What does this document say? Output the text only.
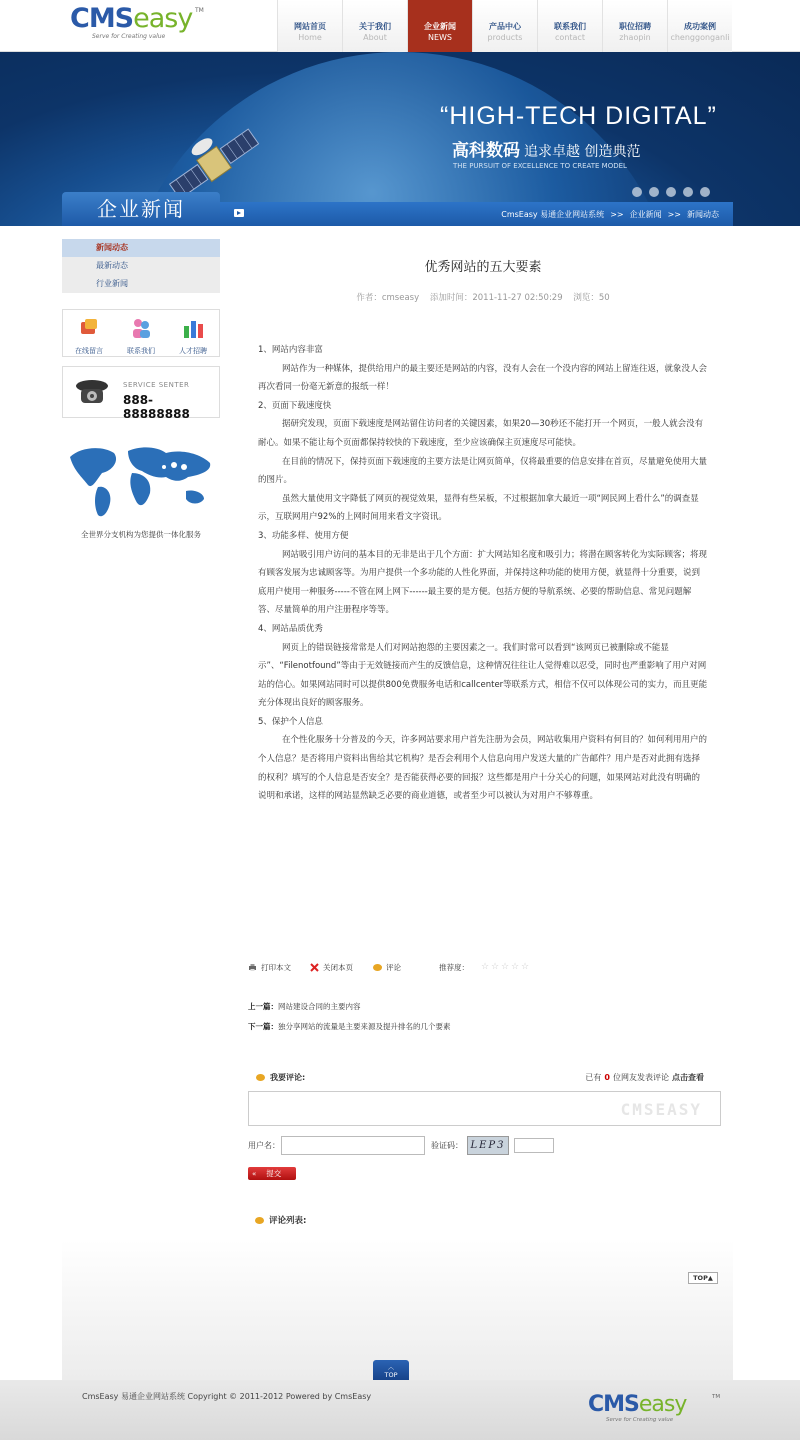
CMSeasy TM
Serve for Creating value
网站首页
Home
关于我们
About
企业新闻
NEWS
产品中心
products
联系我们
contact
职位招聘
zhaopin
成功案例
chenggonganli
“HIGH-TECH DIGITAL”
高科数码 追求卓越 创造典范
THE PURSUIT OF EXCELLENCE TO CREATE MODEL
企业新闻	CmsEasy 易通企业网站系统 >> 企业新闻 >> 新闻动态
新闻动态
最新动态
行业新闻
在线留言	联系我们	人才招聘
SERVICE SENTER
888-88888888
全世界分支机构为您提供一体化服务
优秀网站的五大要素
作者：cmseasy 添加时间：2011-11-27 02:50:29 浏览：50

1、网站内容非富

网站作为一种媒体，提供给用户的最主要还是网站的内容，没有人会在一个没内容的网站上留连往返，就象没人会再次看同一份毫无新意的报纸一样！

2、页面下载速度快

据研究发现，页面下载速度是网站留住访问者的关键因素，如果20—30秒还不能打开一个网页，一般人就会没有耐心。如果不能让每个页面都保持较快的下载速度，至少应该确保主页速度尽可能快。

在目前的情况下，保持页面下载速度的主要方法是让网页简单，仅将最重要的信息安排在首页，尽量避免使用大量的图片。

虽然大量使用文字降低了网页的视觉效果，显得有些呆板，不过根据加拿大最近一项“网民网上看什么”的调查显示，互联网用户92%的上网时间用来看文字资讯。

3、功能多样、使用方便

网站吸引用户访问的基本目的无非是出于几个方面：扩大网站知名度和吸引力；将潜在顾客转化为实际顾客；将现有顾客发展为忠诚顾客等。为用户提供一个多功能的人性化界面，并保持这种功能的使用方便，就显得十分重要，说到底用户使用一种服务-----不管在网上网下------最主要的是方便。包括方便的导航系统、必要的帮助信息、常见问题解答、尽量简单的用户注册程序等等。

4、网站品质优秀

网页上的错误链接常常是人们对网站抱怨的主要因素之一。我们时常可以看到“该网页已被删除或不能显示”、“Filenotfound”等由于无效链接而产生的反馈信息，这种情况往往让人觉得难以忍受，同时也严重影响了用户对网站的信心。如果网站同时可以提供800免费服务电话和callcenter等联系方式，相信不仅可以体现公司的实力，而且更能充分体现出良好的顾客服务。

5、保护个人信息

在个性化服务十分普及的今天，许多网站要求用户首先注册为会员，网站收集用户资料有何目的？如何利用用户的个人信息？是否将用户资料出售给其它机构？是否会利用个人信息向用户发送大量的广告邮件？用户是否对此拥有选择的权利？填写的个人信息是否安全？是否能获得必要的回报？这些都是用户十分关心的问题，如果网站对此没有明确的说明和承诺，这样的网站显然缺乏必要的商业道德，或者至少可以被认为对用户不够尊重。

打印本文	关闭本页	评论	推荐度： ☆ ☆ ☆ ☆ ☆
上一篇：网站建设合同的主要内容
下一篇：独分享网站的流量是主要来源及提升排名的几个要素
我要评论:	已有 0 位网友发表评论 点击查看
CMSEASY
用户名：	验证码： LEP3
« 提交
评论列表:
TOP▲
︿
TOP
CmsEasy 易通企业网站系统 Copyright © 2011-2012 Powered by CmsEasy	CMSeasy	TM
Serve for Creating value
